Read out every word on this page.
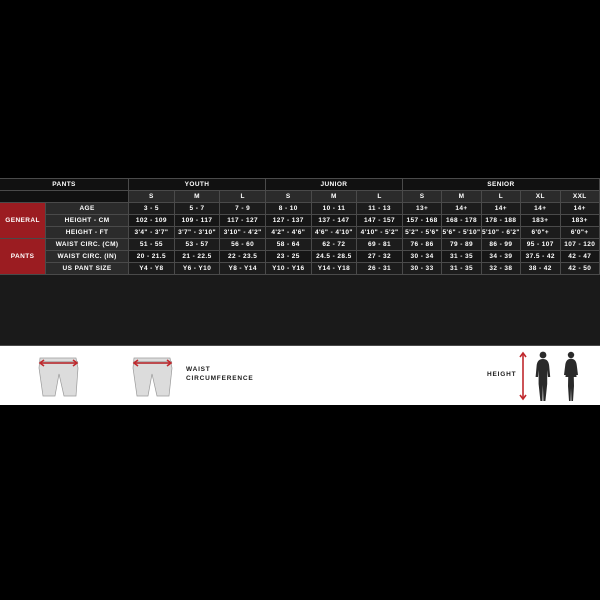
PANTS		YOUTH			JUNIOR			SENIOR				
		S	M	L	S	M	L	S	M	L	XL	XXL
GENERAL	AGE	3 - 5	5 - 7	7 - 9	8 - 10	10 - 11	11 - 13	13+	14+	14+	14+	14+
	HEIGHT - CM	102 - 109	109 - 117	117 - 127	127 - 137	137 - 147	147 - 157	157 - 168	168 - 178	178 - 188	183+	183+
	HEIGHT - FT	3'4" - 3'7"	3'7" - 3'10"	3'10" - 4'2"	4'2" - 4'6"	4'6" - 4'10"	4'10" - 5'2"	5'2" - 5'6"	5'6" - 5'10"	5'10" - 6'2"	6'0"+	6'0"+
PANTS	WAIST CIRC. (CM)	51 - 55	53 - 57	56 - 60	58 - 64	62 - 72	69 - 81	76 - 86	79 - 89	86 - 99	95 - 107	107 - 120
	WAIST CIRC. (IN)	20 - 21.5	21 - 22.5	22 - 23.5	23 - 25	24.5 - 28.5	27 - 32	30 - 34	31 - 35	34 - 39	37.5 - 42	42 - 47
	US PANT SIZE	Y4 - Y8	Y6 - Y10	Y8 - Y14	Y10 - Y16	Y14 - Y18	26 - 31	30 - 33	31 - 35	32 - 38	38 - 42	42 - 50
WAIST
CIRCUMFERENCE
HEIGHT
